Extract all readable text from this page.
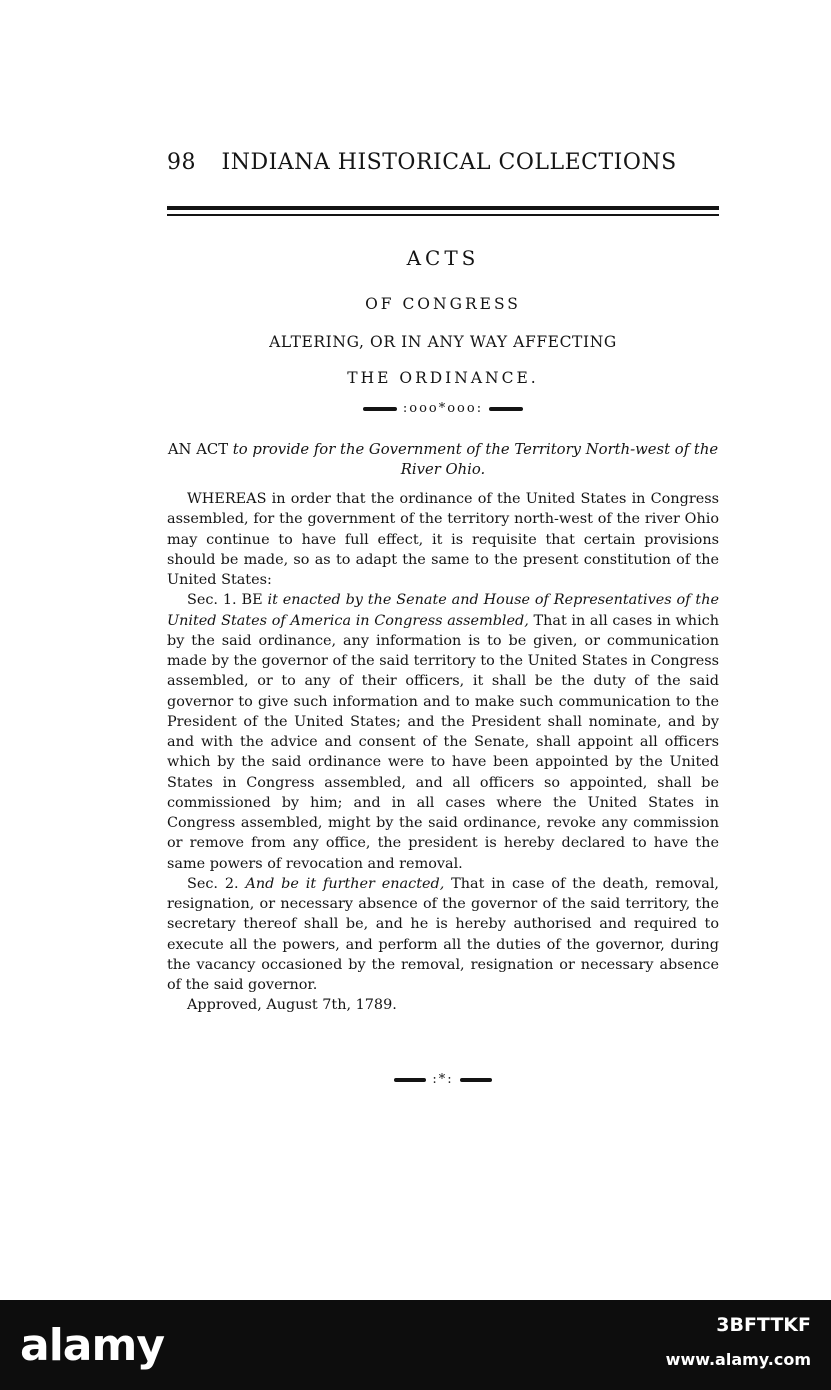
98 INDIANA HISTORICAL COLLECTIONS
ACTS
OF CONGRESS
ALTERING, OR IN ANY WAY AFFECTING
THE ORDINANCE.
:ooo*ooo:
AN ACT to provide for the Government of the Territory North-west of the River Ohio.

WHEREAS in order that the ordinance of the United States in Congress assembled, for the government of the territory north-west of the river Ohio may continue to have full effect, it is requisite that certain provisions should be made, so as to adapt the same to the present constitution of the United States:

Sec. 1. BE it enacted by the Senate and House of Representatives of the United States of America in Congress assembled, That in all cases in which by the said ordinance, any information is to be given, or communication made by the governor of the said territory to the United States in Congress assembled, or to any of their officers, it shall be the duty of the said governor to give such information and to make such communication to the President of the United States; and the President shall nominate, and by and with the advice and consent of the Senate, shall appoint all officers which by the said ordinance were to have been appointed by the United States in Congress assembled, and all officers so appointed, shall be commissioned by him; and in all cases where the United States in Congress assembled, might by the said ordinance, revoke any commission or remove from any office, the president is hereby declared to have the same powers of revocation and removal.

Sec. 2. And be it further enacted, That in case of the death, removal, resignation, or necessary absence of the governor of the said territory, the secretary thereof shall be, and he is hereby authorised and required to execute all the powers, and perform all the duties of the governor, during the vacancy occasioned by the removal, resignation or necessary absence of the said governor.

Approved, August 7th, 1789.
:*:
alamy	3BFTTKF
www.alamy.com
